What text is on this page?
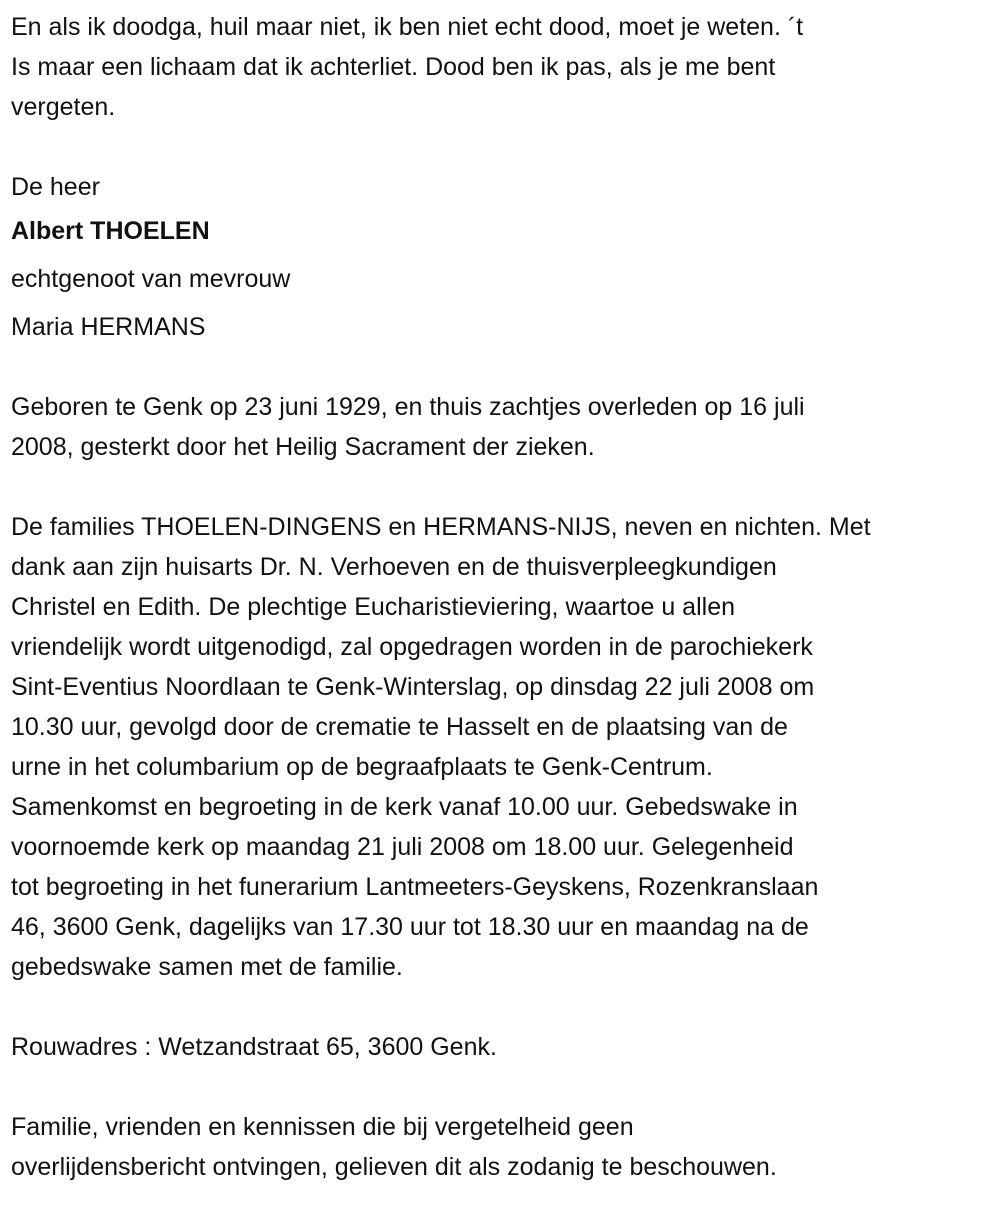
En als ik doodga, huil maar niet, ik ben niet echt dood, moet je weten. ´t
Is maar een lichaam dat ik achterliet. Dood ben ik pas, als je me bent
vergeten.
De heer
Albert THOELEN
echtgenoot van mevrouw
Maria HERMANS
Geboren te Genk op 23 juni 1929, en thuis zachtjes overleden op 16 juli
2008, gesterkt door het Heilig Sacrament der zieken.
De families THOELEN-DINGENS en HERMANS-NIJS, neven en nichten. Met
dank aan zijn huisarts Dr. N. Verhoeven en de thuisverpleegkundigen
Christel en Edith. De plechtige Eucharistieviering, waartoe u allen
vriendelijk wordt uitgenodigd, zal opgedragen worden in de parochiekerk
Sint-Eventius Noordlaan te Genk-Winterslag, op dinsdag 22 juli 2008 om
10.30 uur, gevolgd door de crematie te Hasselt en de plaatsing van de
urne in het columbarium op de begraafplaats te Genk-Centrum.
Samenkomst en begroeting in de kerk vanaf 10.00 uur. Gebedswake in
voornoemde kerk op maandag 21 juli 2008 om 18.00 uur. Gelegenheid
tot begroeting in het funerarium Lantmeeters-Geyskens, Rozenkranslaan
46, 3600 Genk, dagelijks van 17.30 uur tot 18.30 uur en maandag na de
gebedswake samen met de familie.
Rouwadres : Wetzandstraat 65, 3600 Genk.
Familie, vrienden en kennissen die bij vergetelheid geen
overlijdensbericht ontvingen, gelieven dit als zodanig te beschouwen.
